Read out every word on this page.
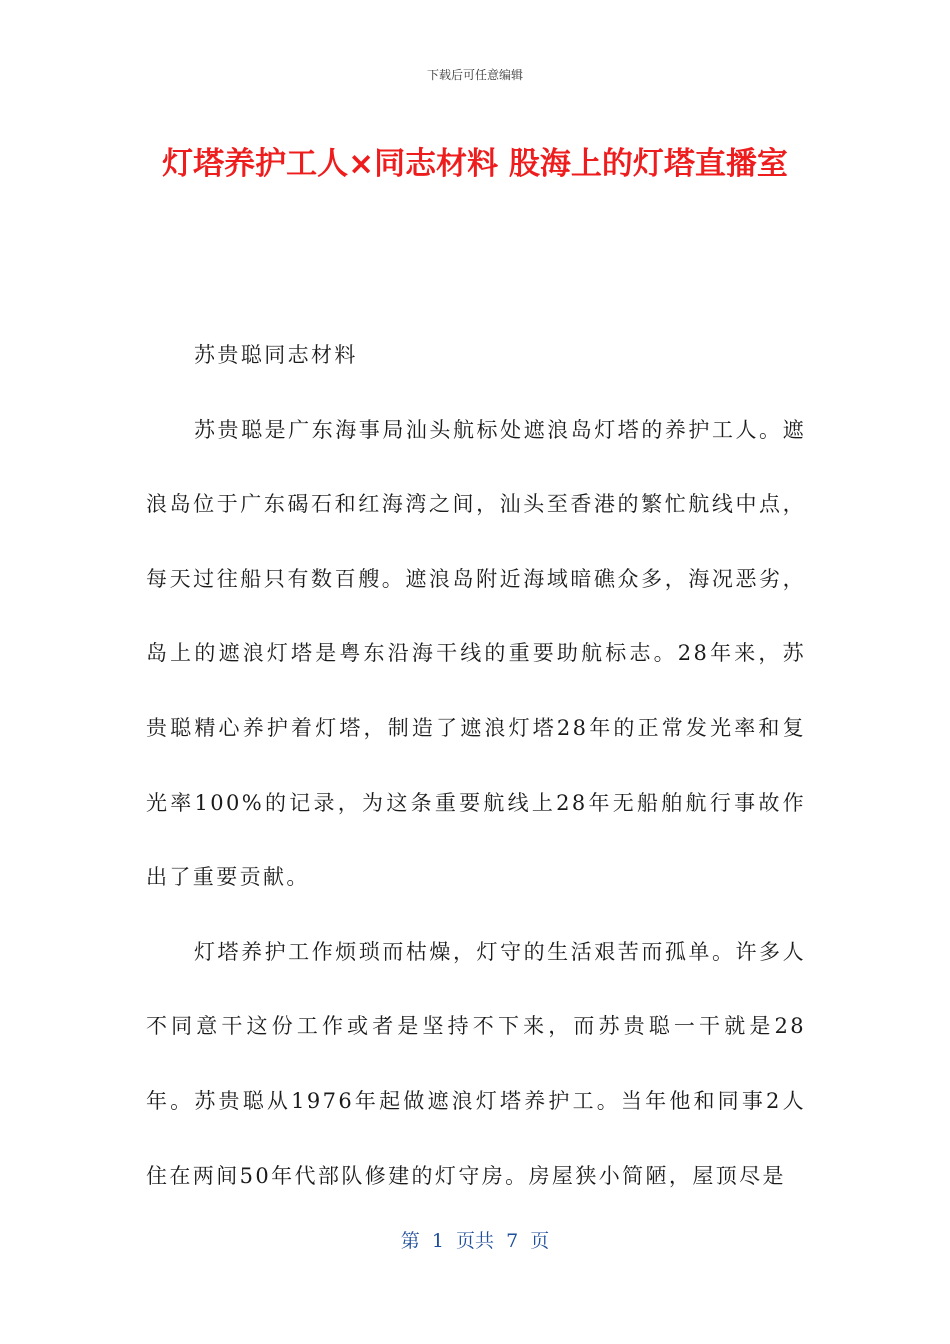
下载后可任意编辑
灯塔养护工人×同志材料 股海上的灯塔直播室

苏贵聪同志材料

苏贵聪是广东海事局汕头航标处遮浪岛灯塔的养护工人。遮浪岛位于广东碣石和红海湾之间，汕头至香港的繁忙航线中点，每天过往船只有数百艘。遮浪岛附近海域暗礁众多，海况恶劣，岛上的遮浪灯塔是粤东沿海干线的重要助航标志。28年来，苏贵聪精心养护着灯塔，制造了遮浪灯塔28年的正常发光率和复光率100%的记录，为这条重要航线上28年无船舶航行事故作出了重要贡献。

灯塔养护工作烦琐而枯燥，灯守的生活艰苦而孤单。许多人不同意干这份工作或者是坚持不下来，而苏贵聪一干就是28年。苏贵聪从1976年起做遮浪灯塔养护工。当年他和同事2人住在两间50年代部队修建的灯守房。房屋狭小简陋，屋顶尽是

第  1  页共  7  页
